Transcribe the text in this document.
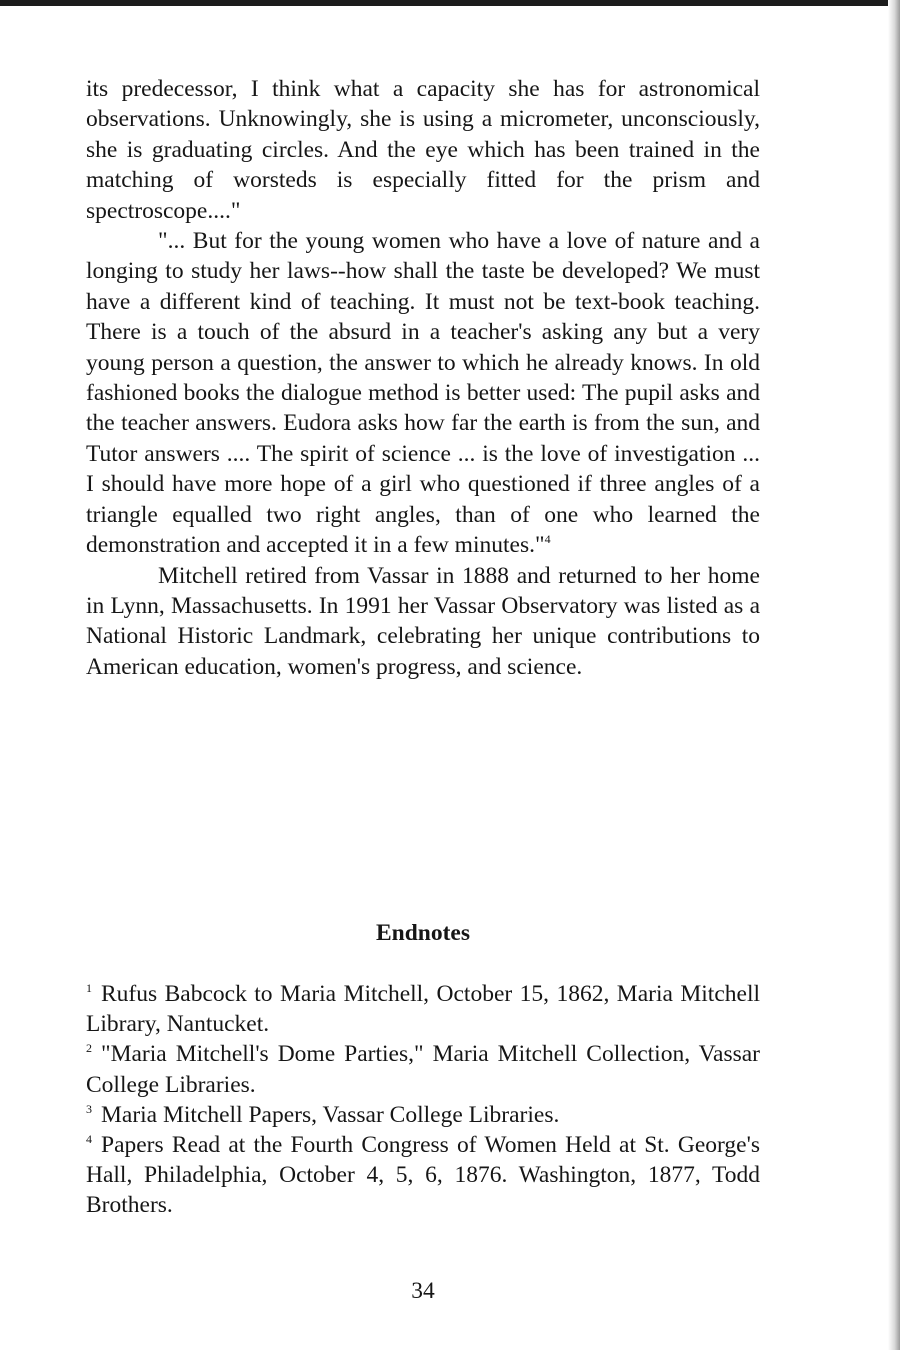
its predecessor, I think what a capacity she has for astronomical observations. Unknowingly, she is using a micrometer, unconsciously, she is graduating circles. And the eye which has been trained in the matching of worsteds is especially fitted for the prism and spectroscope...."

"... But for the young women who have a love of nature and a longing to study her laws--how shall the taste be developed? We must have a different kind of teaching. It must not be text-book teaching. There is a touch of the absurd in a teacher's asking any but a very young person a question, the answer to which he already knows. In old fashioned books the dialogue method is better used: The pupil asks and the teacher answers. Eudora asks how far the earth is from the sun, and Tutor answers .... The spirit of science ... is the love of investigation ... I should have more hope of a girl who questioned if three angles of a triangle equalled two right angles, than of one who learned the demonstration and accepted it in a few minutes."$^4$

Mitchell retired from Vassar in 1888 and returned to her home in Lynn, Massachusetts. In 1991 her Vassar Observatory was listed as a National Historic Landmark, celebrating her unique contributions to American education, women's progress, and science.

Endnotes
$^1$ Rufus Babcock to Maria Mitchell, October 15, 1862, Maria Mitchell Library, Nantucket.
$^2$ "Maria Mitchell's Dome Parties," Maria Mitchell Collection, Vassar College Libraries.
$^3$ Maria Mitchell Papers, Vassar College Libraries.
$^4$ Papers Read at the Fourth Congress of Women Held at St. George's Hall, Philadelphia, October 4, 5, 6, 1876. Washington, 1877, Todd Brothers.
34
